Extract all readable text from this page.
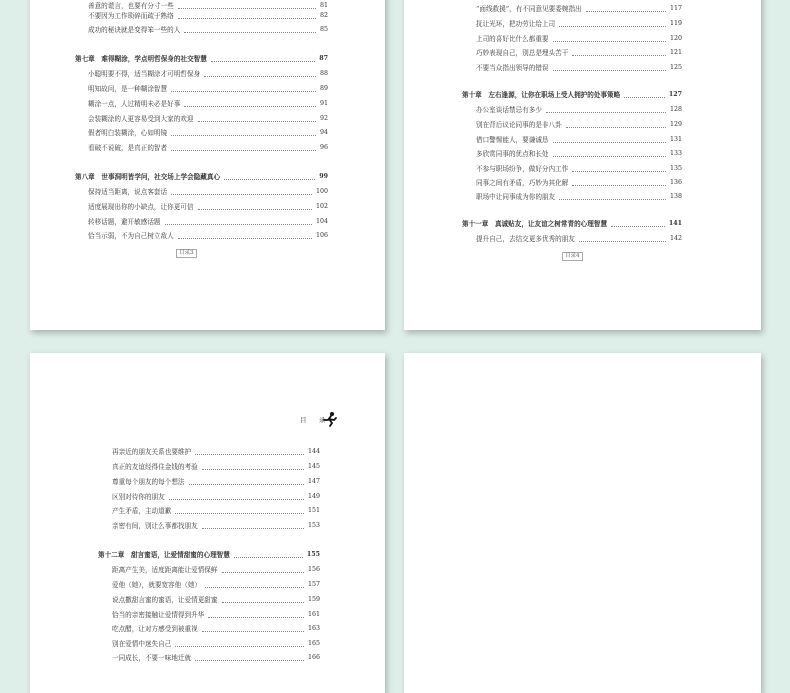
善意的谎言，也要有分寸一些	81
不要因为工作琐碎而疏于熟络	82
成功的秘诀就是变得笨一些的人	85
第七章　难得糊涂，学点明哲保身的社交智慧	87
小聪明要不得，适当糊涂才可明哲保身	88
明知故问，是一种糊涂智慧	89
糊涂一点，人过精明未必是好事	91
会装糊涂的人更容易受到大家的欢迎	92
假者明白装糊涂，心如明镜	94
看破不说破，是真正的智者	96
第八章　世事洞明皆学问，社交场上学会隐藏真心	99
保持适当距离，说点客套话	100
适度展现出你的小缺点，让你更可信	102
转移话题，避开敏感话题	104
恰当示弱，不为自己树立敌人	106
目录3
“面线救援”，有不同意见要委婉指出	117
抚让光环，把功劳让给上司	119
上司的喜好比什么都重要	120
巧妙表现自己，别总是埋头苦干	121
不要当众指出领导的错误	125
第十章　左右逢源，让你在职场上受人拥护的处事策略	127
办公室谈话禁忌有多少	128
别在背后议论同事的是非八卦	129
借口警惕能人，要谦诚恳	131
多欣赏同事的优点和长处	133
不参与职场纷争，做好分内工作	135
同事之间有矛盾，巧妙为其化解	136
职场中让同事成为你的朋友	138
第十一章　真诚贴友，让友谊之树常青的心理智慧	141
提升自己，去结交更多优秀的朋友	142
目录4
目　录
再亲近的朋友关系也要维护	144
真正的友谊经得住金钱的考验	145
尊重每个朋友的每个想法	147
区别对待你的朋友	149
产生矛盾，主动道歉	151
亲密有间，别让么事都找朋友	153
第十二章　甜言蜜语，让爱情甜蜜的心理智慧	155
距离产生美，适度距离能让爱情保鲜	156
爱他（她），就要宽容他（她）	157
说点撒甜言蜜的蜜语，让爱情更甜蜜	159
恰当的亲密接触让爱情得到升华	161
吃点醋，让对方感受到被重视	163
别在爱情中迷失自己	165
一同成长，不要一味地迁就	166
